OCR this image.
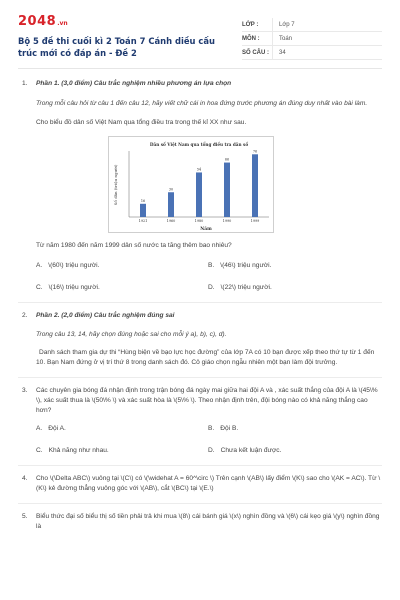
2048 .vn
Bộ 5 đề thi cuối kì 2 Toán 7 Cánh diều cấu trúc mới có đáp án - Đề 2
LỚP :	Lớp 7
MÔN :	Toán
SỐ CÂU :	34
1. Phần 1. (3,0 điểm) Câu trắc nghiệm nhiều phương án lựa chọn
Trong mỗi câu hỏi từ câu 1 đến câu 12, hãy viết chữ cái in hoa đứng trước phương án đúng duy nhất vào bài làm.
Cho biểu đồ dân số Việt Nam qua tổng điều tra trong thế kỉ XX như sau.
Dân số Việt Nam qua tổng điều tra dân số
Số dân (triệu người)
Năm
16
1921
30
1960
54
1980
66
1990
76
1999
Từ năm 1980 đến năm 1999 dân số nước ta tăng thêm bao nhiêu?
A. \(60\) triệu người.	B. \(46\) triệu người.
C. \(16\) triệu người.	D. \(22\) triệu người.
2. Phần 2. (2,0 điểm) Câu trắc nghiệm đúng sai
Trong câu 13, 14, hãy chọn đúng hoặc sai cho mỗi ý a), b), c), d).
Danh sách tham gia dự thi “Hùng biện về bạo lực học đường” của lớp 7A có 10 bạn được xếp theo thứ tự từ 1 đến 10. Bạn Nam đứng ở vị trí thứ 8 trong danh sách đó. Cô giáo chọn ngẫu nhiên một bạn làm đội trưởng.
3. Các chuyên gia bóng đá nhận định trong trận bóng đá ngày mai giữa hai đội A và , xác suất thắng của đội A là \(45\% \), xác suất thua là \(50\% \) và xác suất hòa là \(5\% \). Theo nhận định trên, đội bóng nào có khả năng thắng cao hơn?
A. Đội A.	B. Đội B.
C. Khả năng như nhau.	D. Chưa kết luận được.
4. Cho \(\Delta ABC\) vuông tại \(C\) có \(\widehat A = 60^\circ \) Trên cạnh \(AB\) lấy điểm \(K\) sao cho \(AK = AC\). Từ \(K\) kẻ đường thẳng vuông góc với \(AB\), cắt \(BC\) tại \(E.\)
5. Biểu thức đại số biểu thị số tiền phải trả khi mua \(8\) cái bánh giá \(x\) nghìn đồng và \(6\) cái kẹo giá \(y\) nghìn đồng là
